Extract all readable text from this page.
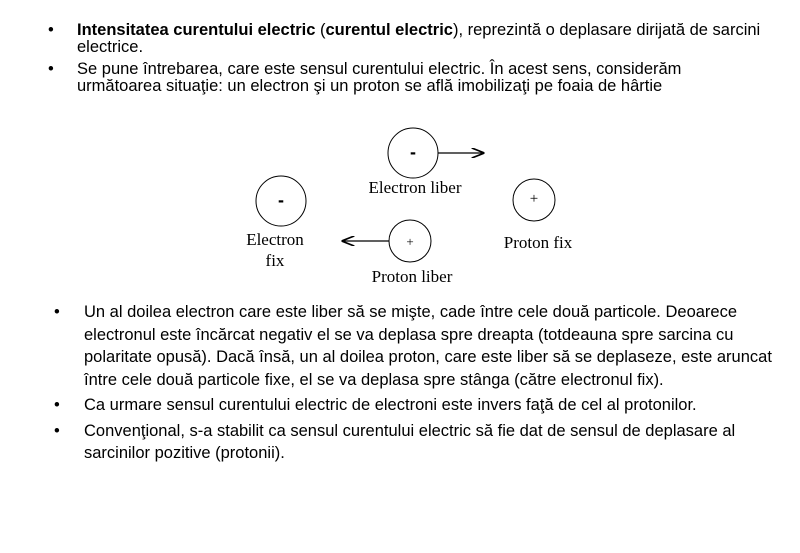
• Intensitatea curentului electric (curentul electric), reprezintă o deplasare dirijată de sarcini electrice.
• Se pune întrebarea, care este sensul curentului electric. În acest sens, considerăm următoarea situaţie: un electron şi un proton se află imobilizaţi pe foaia de hârtie
-
-	+
+
Electron liber
Electron
fix
Proton fix
Proton liber
• Un al doilea electron care este liber să se mişte, cade între cele două particole. Deoarece electronul este încărcat negativ el se va deplasa spre dreapta (totdeauna spre sarcina cu polaritate opusă). Dacă însă, un al doilea proton, care este liber să se deplaseze, este aruncat între cele două particole fixe, el se va deplasa spre stânga (către electronul fix).
• Ca urmare sensul curentului electric de electroni este invers faţă de cel al protonilor.
• Convenţional, s-a stabilit ca sensul curentului electric să fie dat de sensul de deplasare al sarcinilor pozitive (protonii).
